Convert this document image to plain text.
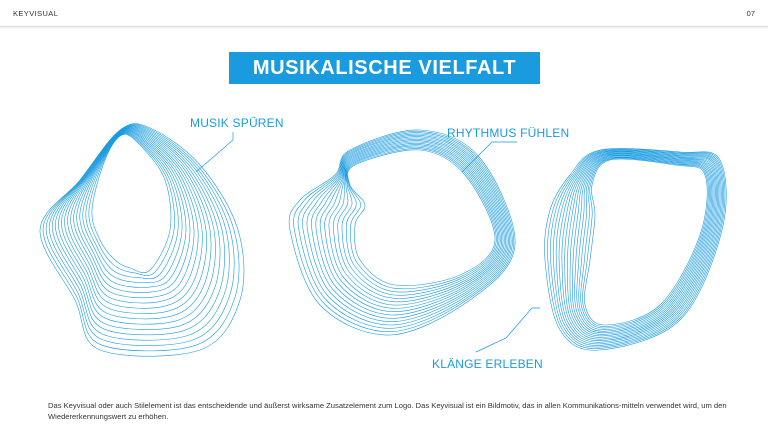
KEYVISUAL	07
MUSIKALISCHE VIELFALT
MUSIK SPÜREN
RHYTHMUS FÜHLEN
KLÄNGE ERLEBEN

Das Keyvisual oder auch Stilelement ist das entscheidende und äußerst wirksame Zusatzelement zum Logo. Das Keyvisual ist ein Bildmotiv, das in allen Kommunikations-mitteln verwendet wird, um den Wiedererkennungswert zu erhöhen.
